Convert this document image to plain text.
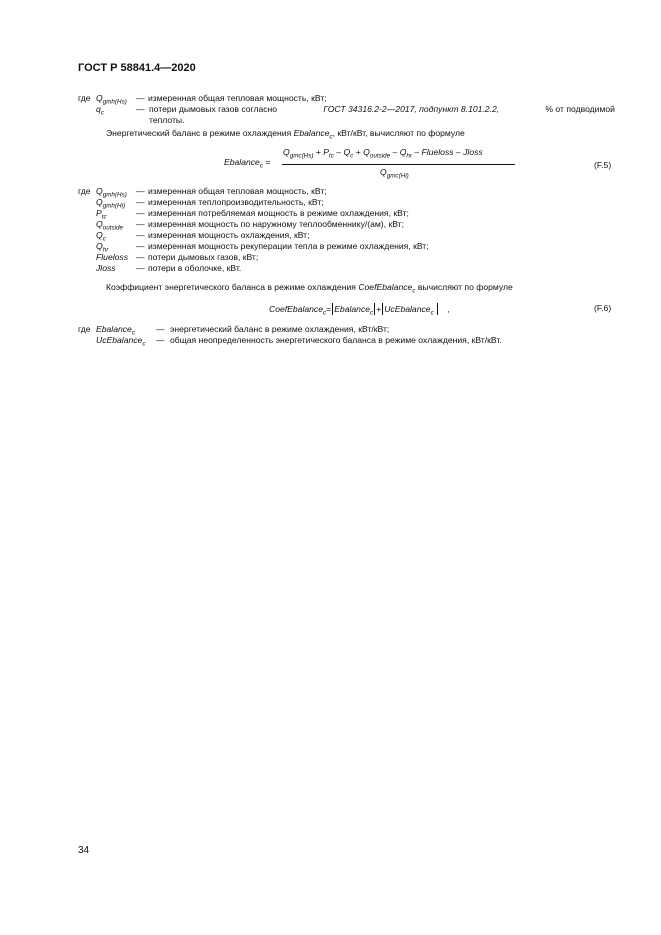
ГОСТ Р 58841.4—2020
где $Q_{gmh(Hs)}$ — измеренная общая тепловая мощность, кВт;
$q_c$	— потери дымовых газов согласно	ГОСТ 34316.2-2—2017, подпункт 8.101.2.2,	% от подводимой
теплоты.
Энергетический баланс в режиме охлаждения Ebalance$_c$, кВт/кВт, вычисляют по формуле
Ebalance$_c$ =
$Q_{gmc(Hs)} + P_{tc} - Q_c + Q_{outside} - Q_{hr}$ – Flueloss – Jloss
$Q_{gmc(Hi)}$
(F.5)
где $Q_{gmh(Hs)}$ — измеренная общая тепловая мощность, кВт;
$Q_{gmh(Hi)}$ — измеренная теплопроизводительность, кВт;
$P_{tc}$	— измеренная потребляемая мощность в режиме охлаждения, кВт;
$Q_{outside}$ — измеренная мощность по наружному теплообменнику/(ам), кВт;
$Q_c$	— измеренная мощность охлаждения, кВт;
$Q_{hr}$	— измеренная мощность рекуперации тепла в режиме охлаждения, кВт;
Flueloss — потери дымовых газов, кВт;
Jloss — потери в оболочке, кВт.
Коэффициент энергетического баланса в режиме охлаждения CoefEbalance$_c$ вычисляют по формуле
CoefEbalance$_c$= Ebalance$_c$ + UcEbalance$_c$ ,	(F.6)
где Ebalance$_c$ — энергетический баланс в режиме охлаждения, кВт/кВт;
UcEbalance$_c$ — общая неопределенность энергетического баланса в режиме охлаждения, кВт/кВт.
34
